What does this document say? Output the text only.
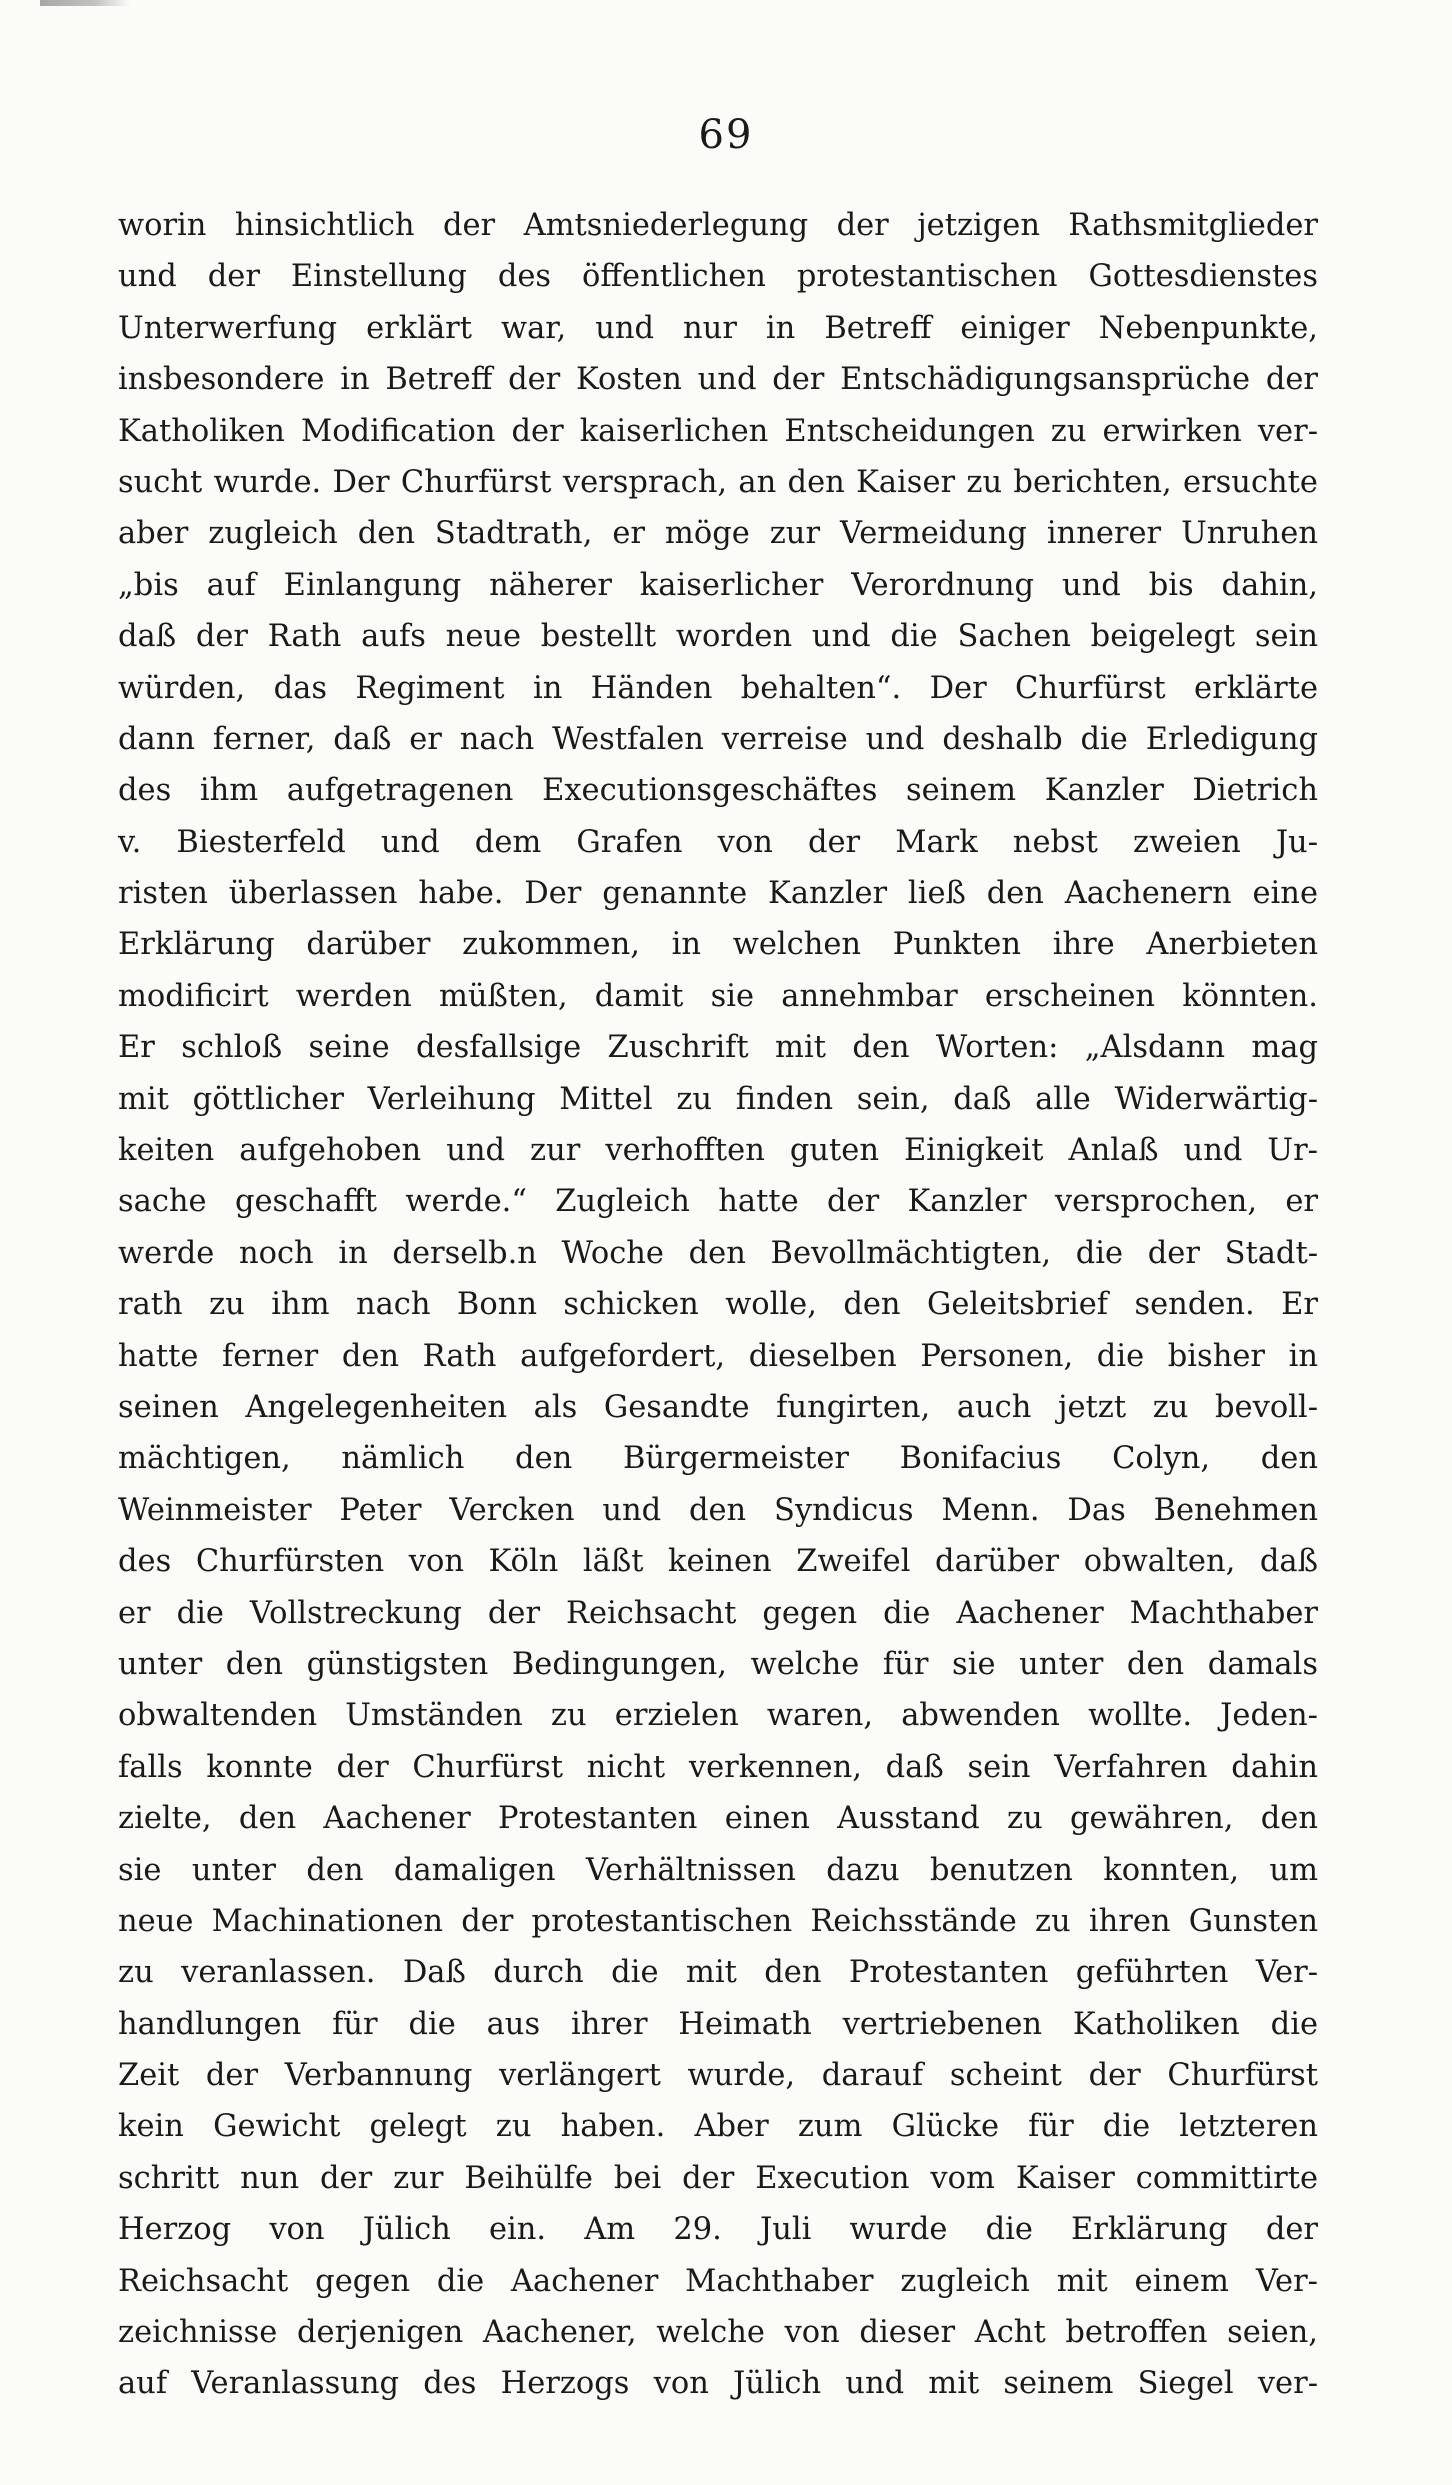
69
worin hinsichtlich der Amtsniederlegung der jetzigen Rathsmitglieder
und der Einstellung des öffentlichen protestantischen Gottesdienstes
Unterwerfung erklärt war, und nur in Betreff einiger Nebenpunkte,
insbesondere in Betreff der Kosten und der Entschädigungsansprüche der
Katholiken Modification der kaiserlichen Entscheidungen zu erwirken ver-
sucht wurde. Der Churfürst versprach, an den Kaiser zu berichten, ersuchte
aber zugleich den Stadtrath, er möge zur Vermeidung innerer Unruhen
„bis auf Einlangung näherer kaiserlicher Verordnung und bis dahin,
daß der Rath aufs neue bestellt worden und die Sachen beigelegt sein
würden, das Regiment in Händen behalten“. Der Churfürst erklärte
dann ferner, daß er nach Westfalen verreise und deshalb die Erledigung
des ihm aufgetragenen Executionsgeschäftes seinem Kanzler Dietrich
v. Biesterfeld und dem Grafen von der Mark nebst zweien Ju-
risten überlassen habe. Der genannte Kanzler ließ den Aachenern eine
Erklärung darüber zukommen, in welchen Punkten ihre Anerbieten
modificirt werden müßten, damit sie annehmbar erscheinen könnten.
Er schloß seine desfallsige Zuschrift mit den Worten: „Alsdann mag
mit göttlicher Verleihung Mittel zu finden sein, daß alle Widerwärtig-
keiten aufgehoben und zur verhofften guten Einigkeit Anlaß und Ur-
sache geschafft werde.“ Zugleich hatte der Kanzler versprochen, er
werde noch in derselb.n Woche den Bevollmächtigten, die der Stadt-
rath zu ihm nach Bonn schicken wolle, den Geleitsbrief senden. Er
hatte ferner den Rath aufgefordert, dieselben Personen, die bisher in
seinen Angelegenheiten als Gesandte fungirten, auch jetzt zu bevoll-
mächtigen, nämlich den Bürgermeister Bonifacius Colyn, den
Weinmeister Peter Vercken und den Syndicus Menn. Das Benehmen
des Churfürsten von Köln läßt keinen Zweifel darüber obwalten, daß
er die Vollstreckung der Reichsacht gegen die Aachener Machthaber
unter den günstigsten Bedingungen, welche für sie unter den damals
obwaltenden Umständen zu erzielen waren, abwenden wollte. Jeden-
falls konnte der Churfürst nicht verkennen, daß sein Verfahren dahin
zielte, den Aachener Protestanten einen Ausstand zu gewähren, den
sie unter den damaligen Verhältnissen dazu benutzen konnten, um
neue Machinationen der protestantischen Reichsstände zu ihren Gunsten
zu veranlassen. Daß durch die mit den Protestanten geführten Ver-
handlungen für die aus ihrer Heimath vertriebenen Katholiken die
Zeit der Verbannung verlängert wurde, darauf scheint der Churfürst
kein Gewicht gelegt zu haben. Aber zum Glücke für die letzteren
schritt nun der zur Beihülfe bei der Execution vom Kaiser committirte
Herzog von Jülich ein. Am 29. Juli wurde die Erklärung der
Reichsacht gegen die Aachener Machthaber zugleich mit einem Ver-
zeichnisse derjenigen Aachener, welche von dieser Acht betroffen seien,
auf Veranlassung des Herzogs von Jülich und mit seinem Siegel ver-
